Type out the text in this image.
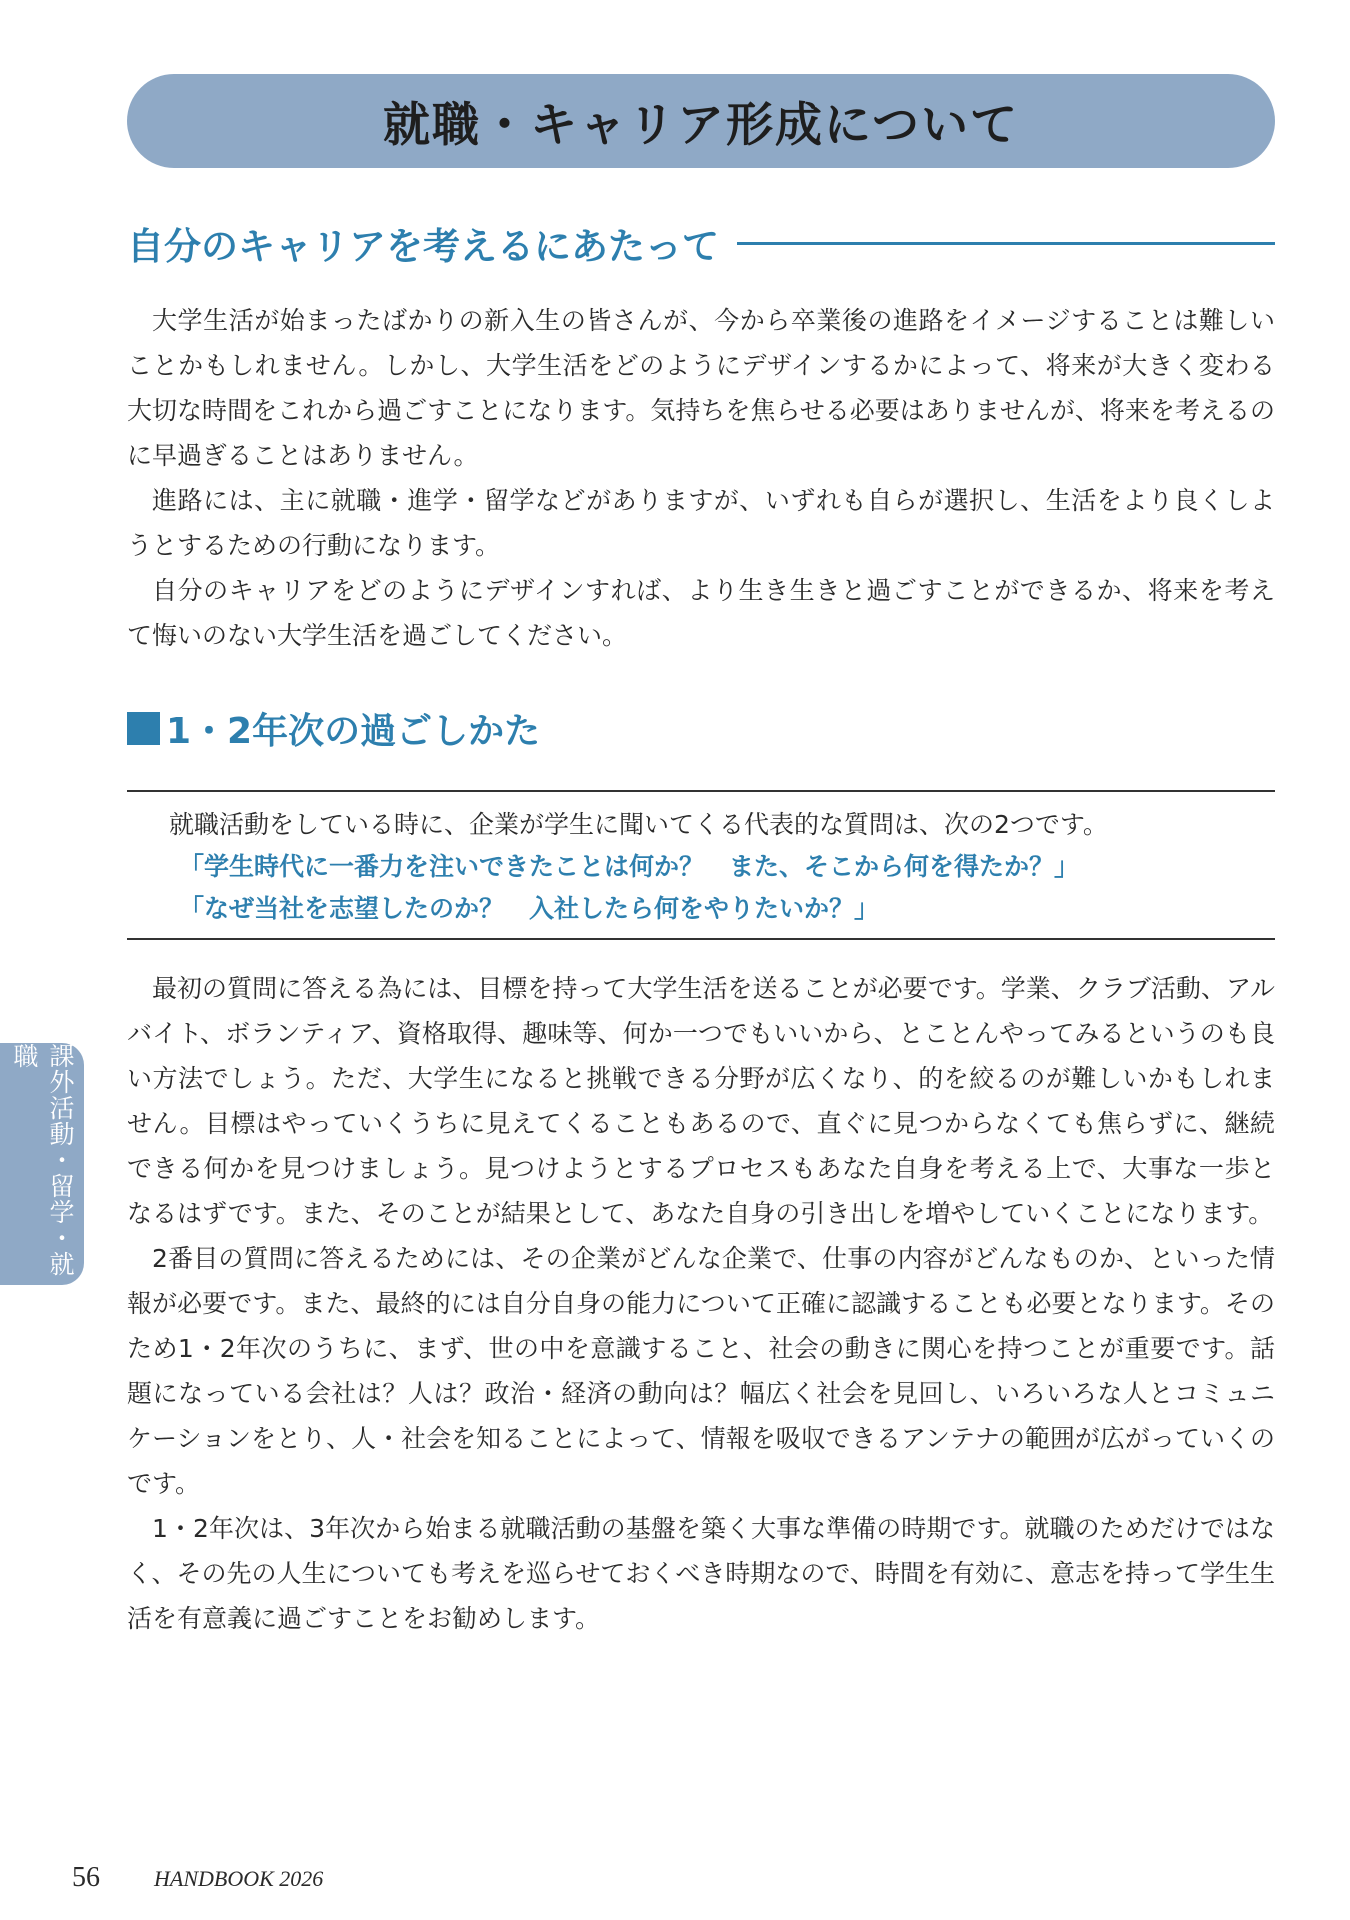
就職・キャリア形成について
自分のキャリアを考えるにあたって

大学生活が始まったばかりの新入生の皆さんが、今から卒業後の進路をイメージすることは難しいことかもしれません。しかし、大学生活をどのようにデザインするかによって、将来が大きく変わる大切な時間をこれから過ごすことになります。気持ちを焦らせる必要はありませんが、将来を考えるのに早過ぎることはありません。

進路には、主に就職・進学・留学などがありますが、いずれも自らが選択し、生活をより良くしようとするための行動になります。

自分のキャリアをどのようにデザインすれば、より生き生きと過ごすことができるか、将来を考えて悔いのない大学生活を過ごしてください。

1・2年次の過ごしかた

就職活動をしている時に、企業が学生に聞いてくる代表的な質問は、次の2つです。

「学生時代に一番力を注いできたことは何か？　また、そこから何を得たか？」

「なぜ当社を志望したのか？　入社したら何をやりたいか？」

最初の質問に答える為には、目標を持って大学生活を送ることが必要です。学業、クラブ活動、アルバイト、ボランティア、資格取得、趣味等、何か一つでもいいから、とことんやってみるというのも良い方法でしょう。ただ、大学生になると挑戦できる分野が広くなり、的を絞るのが難しいかもしれません。目標はやっていくうちに見えてくることもあるので、直ぐに見つからなくても焦らずに、継続できる何かを見つけましょう。見つけようとするプロセスもあなた自身を考える上で、大事な一歩となるはずです。また、そのことが結果として、あなた自身の引き出しを増やしていくことになります。

2番目の質問に答えるためには、その企業がどんな企業で、仕事の内容がどんなものか、といった情報が必要です。また、最終的には自分自身の能力について正確に認識することも必要となります。そのため1・2年次のうちに、まず、世の中を意識すること、社会の動きに関心を持つことが重要です。話題になっている会社は？人は？政治・経済の動向は？幅広く社会を見回し、いろいろな人とコミュニケーションをとり、人・社会を知ることによって、情報を吸収できるアンテナの範囲が広がっていくのです。

1・2年次は、3年次から始まる就職活動の基盤を築く大事な準備の時期です。就職のためだけではなく、その先の人生についても考えを巡らせておくべき時期なので、時間を有効に、意志を持って学生生活を有意義に過ごすことをお勧めします。

課外活動・留学・就職
56 HANDBOOK 2026
